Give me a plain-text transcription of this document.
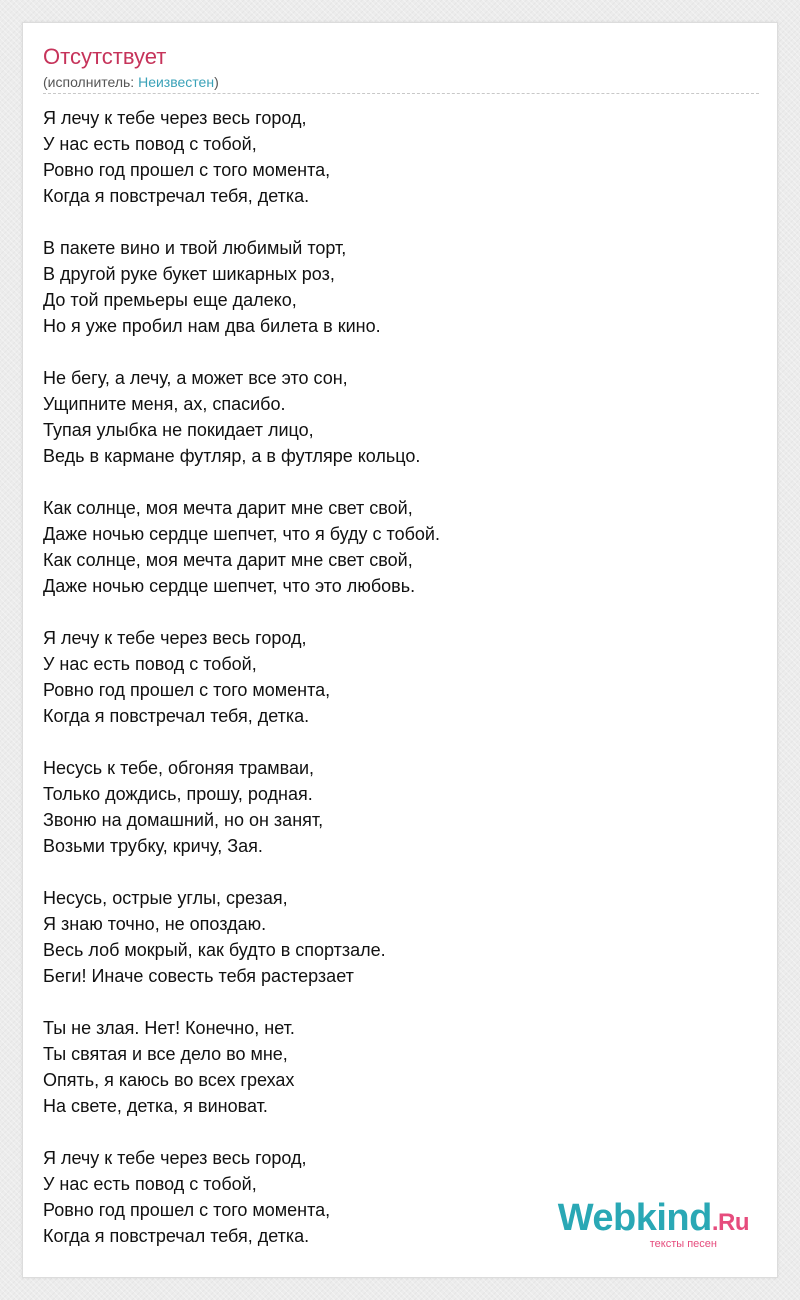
Отсутствует
(исполнитель: Неизвестен)
Я лечу к тебе через весь город,
У нас есть повод с тобой,
Ровно год прошел с того момента,
Когда я повстречал тебя, детка.
В пакете вино и твой любимый торт,
В другой руке букет шикарных роз,
До той премьеры еще далеко,
Но я уже пробил нам два билета в кино.
Не бегу, а лечу, а может все это сон,
Ущипните меня, ах, спасибо.
Тупая улыбка не покидает лицо,
Ведь в кармане футляр, а в футляре кольцо.
Как солнце, моя мечта дарит мне свет свой,
Даже ночью сердце шепчет, что я буду с тобой.
Как солнце, моя мечта дарит мне свет свой,
Даже ночью сердце шепчет, что это любовь.
Я лечу к тебе через весь город,
У нас есть повод с тобой,
Ровно год прошел с того момента,
Когда я повстречал тебя, детка.
Несусь к тебе, обгоняя трамваи,
Только дождись, прошу, родная.
Звоню на домашний, но он занят,
Возьми трубку, кричу, Зая.
Несусь, острые углы, срезая,
Я знаю точно, не опоздаю.
Весь лоб мокрый, как будто в спортзале.
Беги! Иначе совесть тебя растерзает
Ты не злая. Нет! Конечно, нет.
Ты святая и все дело во мне,
Опять, я каюсь во всех грехах
На свете, детка, я виноват.
Я лечу к тебе через весь город,
У нас есть повод с тобой,
Ровно год прошел с того момента,
Когда я повстречал тебя, детка.	Webkind.Ru
тексты песен
